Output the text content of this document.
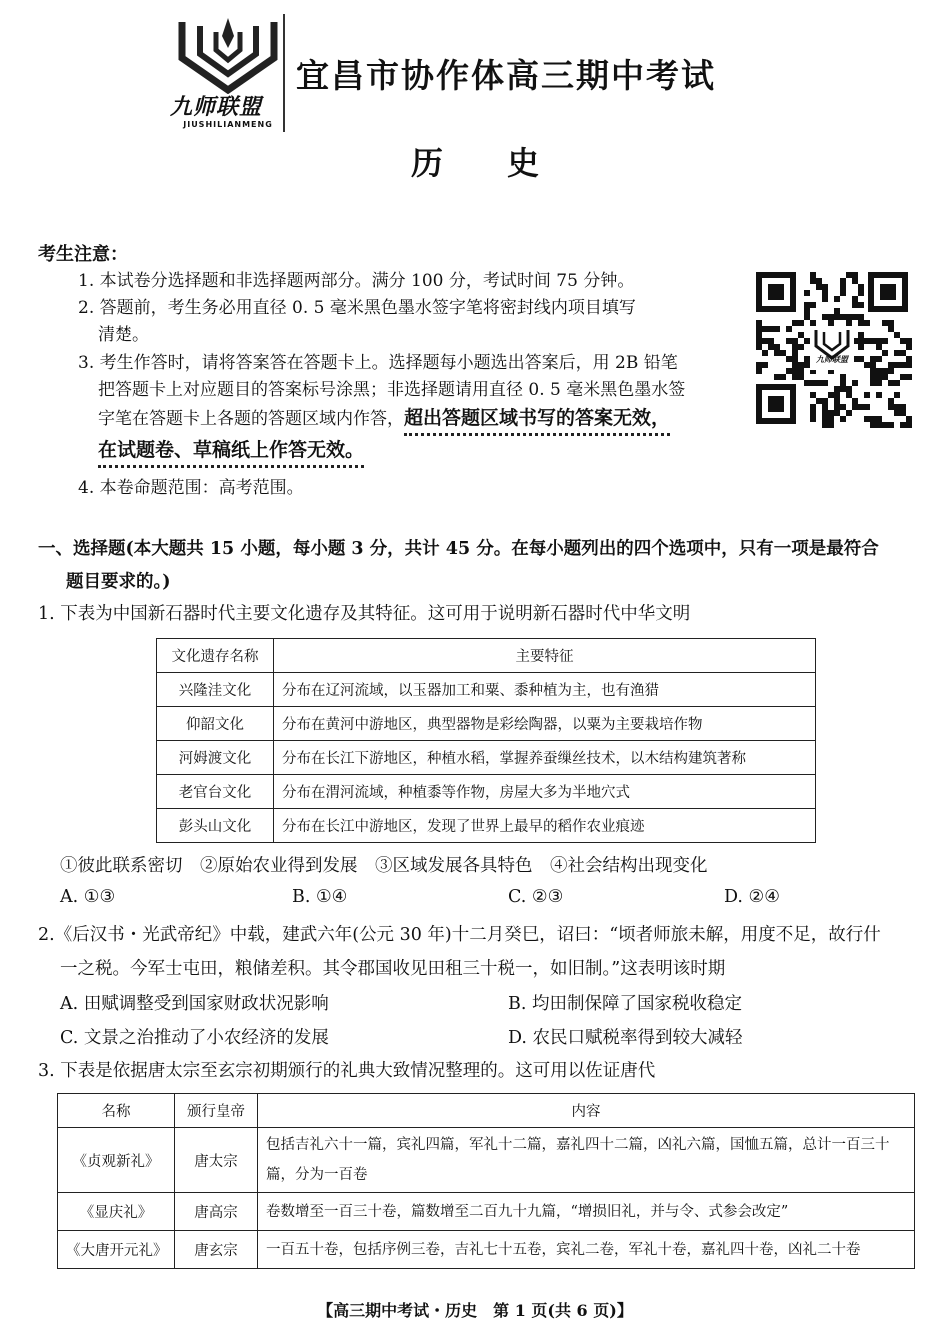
九师联盟
JIUSHILIANMENG
宜昌市协作体高三期中考试
历　　史
考生注意：
1. 本试卷分选择题和非选择题两部分。满分 100 分，考试时间 75 分钟。
2. 答题前，考生务必用直径 0. 5 毫米黑色墨水签字笔将密封线内项目填写
清楚。
3. 考生作答时，请将答案答在答题卡上。选择题每小题选出答案后，用 2B 铅笔
把答题卡上对应题目的答案标号涂黑；非选择题请用直径 0. 5 毫米黑色墨水签
字笔在答题卡上各题的答题区域内作答，超出答题区域书写的答案无效，
在试题卷、草稿纸上作答无效。
4. 本卷命题范围：高考范围。
九师联盟
一、选择题(本大题共 15 小题，每小题 3 分，共计 45 分。在每小题列出的四个选项中，只有一项是最符合
题目要求的。)
1. 下表为中国新石器时代主要文化遗存及其特征。这可用于说明新石器时代中华文明
文化遗存名称	主要特征
兴隆洼文化	分布在辽河流域，以玉器加工和粟、黍种植为主，也有渔猎
仰韶文化	分布在黄河中游地区，典型器物是彩绘陶器，以粟为主要栽培作物
河姆渡文化	分布在长江下游地区，种植水稻，掌握养蚕缫丝技术，以木结构建筑著称
老官台文化	分布在渭河流域，种植黍等作物，房屋大多为半地穴式
彭头山文化	分布在长江中游地区，发现了世界上最早的稻作农业痕迹
①彼此联系密切　②原始农业得到发展　③区域发展各具特色　④社会结构出现变化
A. ①③	B. ①④	C. ②③	D. ②④
2.《后汉书・光武帝纪》中载，建武六年(公元 30 年)十二月癸巳，诏曰：“顷者师旅未解，用度不足，故行什
一之税。今军士屯田，粮储差积。其令郡国收见田租三十税一，如旧制。”这表明该时期
A. 田赋调整受到国家财政状况影响	B. 均田制保障了国家税收稳定
C. 文景之治推动了小农经济的发展	D. 农民口赋税率得到较大减轻
3. 下表是依据唐太宗至玄宗初期颁行的礼典大致情况整理的。这可用以佐证唐代
名称	颁行皇帝	内容
《贞观新礼》	唐太宗	包括吉礼六十一篇，宾礼四篇，军礼十二篇，嘉礼四十二篇，凶礼六篇，国恤五篇，总计一百三十篇，分为一百卷
《显庆礼》	唐高宗	卷数增至一百三十卷，篇数增至二百九十九篇，“增损旧礼，并与令、式参会改定”
《大唐开元礼》	唐玄宗	一百五十卷，包括序例三卷，吉礼七十五卷，宾礼二卷，军礼十卷，嘉礼四十卷，凶礼二十卷
【高三期中考试・历史　第 1 页(共 6 页)】
